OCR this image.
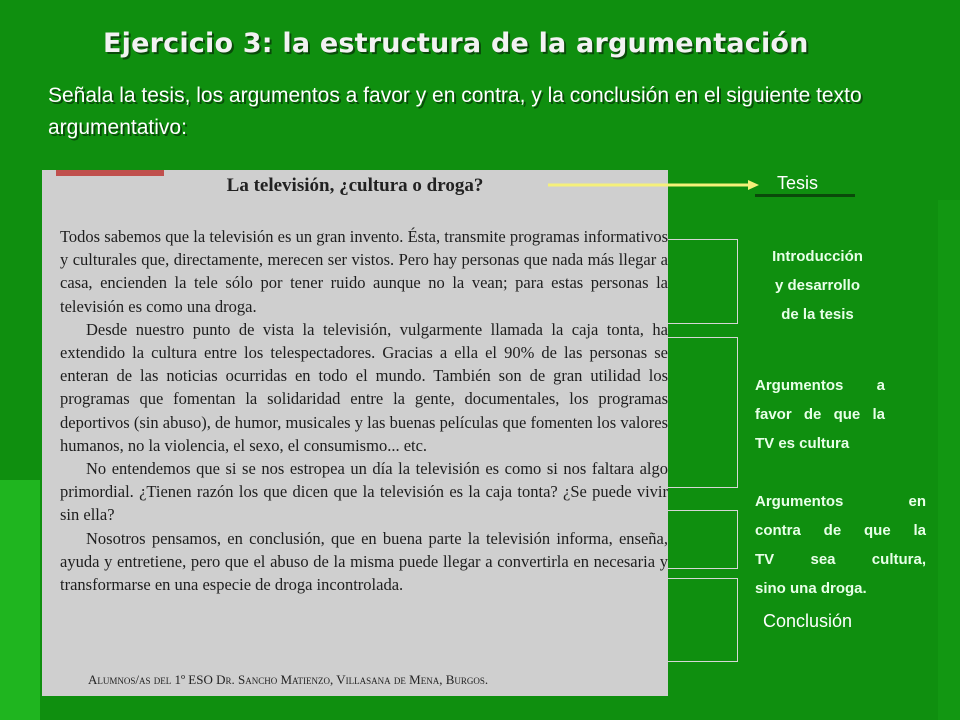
Ejercicio 3: la estructura de la argumentación

Señala la tesis, los argumentos a favor y en contra, y la conclusión en el siguiente texto argumentativo:

La televisión, ¿cultura o droga?

Todos sabemos que la televisión es un gran invento. Ésta, transmite programas informativos y culturales que, directamente, merecen ser vistos. Pero hay personas que nada más llegar a casa, encienden la tele sólo por tener ruido aunque no la vean; para estas personas la televisión es como una droga.

Desde nuestro punto de vista la televisión, vulgarmente llamada la caja tonta, ha extendido la cultura entre los telespectadores. Gracias a ella el 90% de las personas se enteran de las noticias ocurridas en todo el mundo. También son de gran utilidad los programas que fomentan la solidaridad entre la gente, documentales, los programas deportivos (sin abuso), de humor, musicales y las buenas películas que fomenten los valores humanos, no la violencia, el sexo, el consumismo... etc.

No entendemos que si se nos estropea un día la televisión es como si nos faltara algo primordial. ¿Tienen razón los que dicen que la televisión es la caja tonta? ¿Se puede vivir sin ella?

Nosotros pensamos, en conclusión, que en buena parte la televisión informa, enseña, ayuda y entretiene, pero que el abuso de la misma puede llegar a convertirla en necesaria y transformarse en una especie de droga incontrolada.

Alumnos/as del 1º ESO Dr. Sancho Matienzo, Villasana de Mena, Burgos.
Tesis
Introducción
y desarrollo
de la tesis
Argumentos a
favor de que la
TV es cultura
Argumentos en
contra de que la
TV sea cultura,
sino una droga.
Conclusión
